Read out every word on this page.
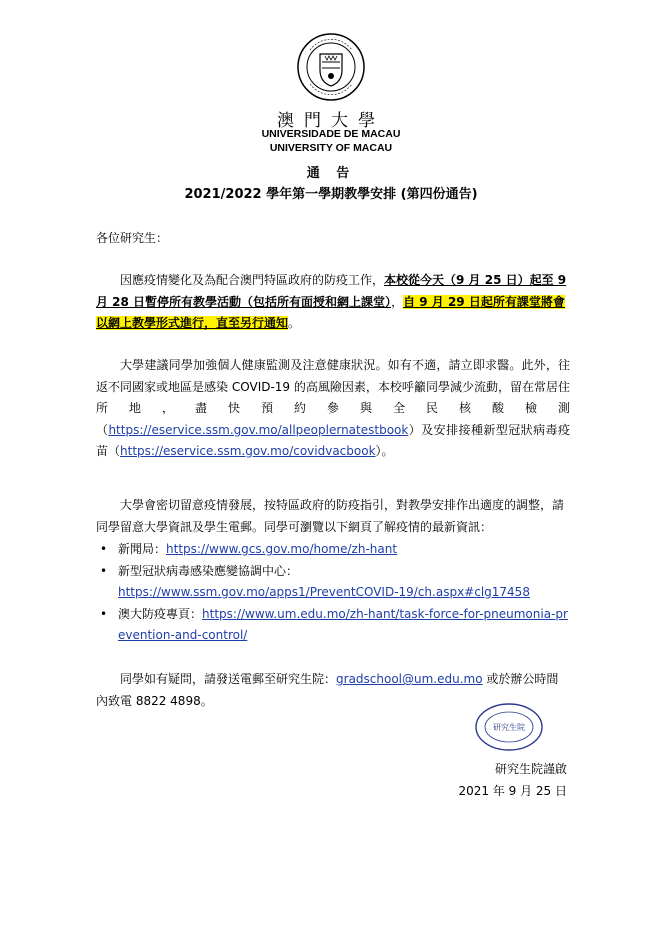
澳門大學
UNIVERSIDADE DE MACAU
UNIVERSITY OF MACAU
通 告
2021/2022 學年第一學期教學安排 (第四份通告)
各位研究生：
因應疫情變化及為配合澳門特區政府的防疫工作，本校從今天（9 月 25 日）起至 9 月 28 日暫停所有教學活動（包括所有面授和網上課堂），自 9 月 29 日起所有課堂將會以網上教學形式進行，直至另行通知。
大學建議同學加強個人健康監測及注意健康狀況。如有不適，請立即求醫。此外，往返不同國家或地區是感染 COVID-19 的高風險因素，本校呼籲同學減少流動，留在常居住所地，盡快預約參與全民核酸檢測（https://eservice.ssm.gov.mo/allpeoplernatestbook）及安排接種新型冠狀病毒疫苗（https://eservice.ssm.gov.mo/covidvacbook）。
大學會密切留意疫情發展，按特區政府的防疫指引，對教學安排作出適度的調整，請同學留意大學資訊及學生電郵。同學可瀏覽以下網頁了解疫情的最新資訊：
• 新聞局：https://www.gcs.gov.mo/home/zh-hant
• 新型冠狀病毒感染應變協調中心：
https://www.ssm.gov.mo/apps1/PreventCOVID-19/ch.aspx#clg17458
• 澳大防疫專頁：https://www.um.edu.mo/zh-hant/task-force-for-pneumonia-prevention-and-control/
同學如有疑問，請發送電郵至研究生院：gradschool@um.edu.mo 或於辦公時間內致電 8822 4898。
研究生院
研究生院謹啟
2021 年 9 月 25 日
